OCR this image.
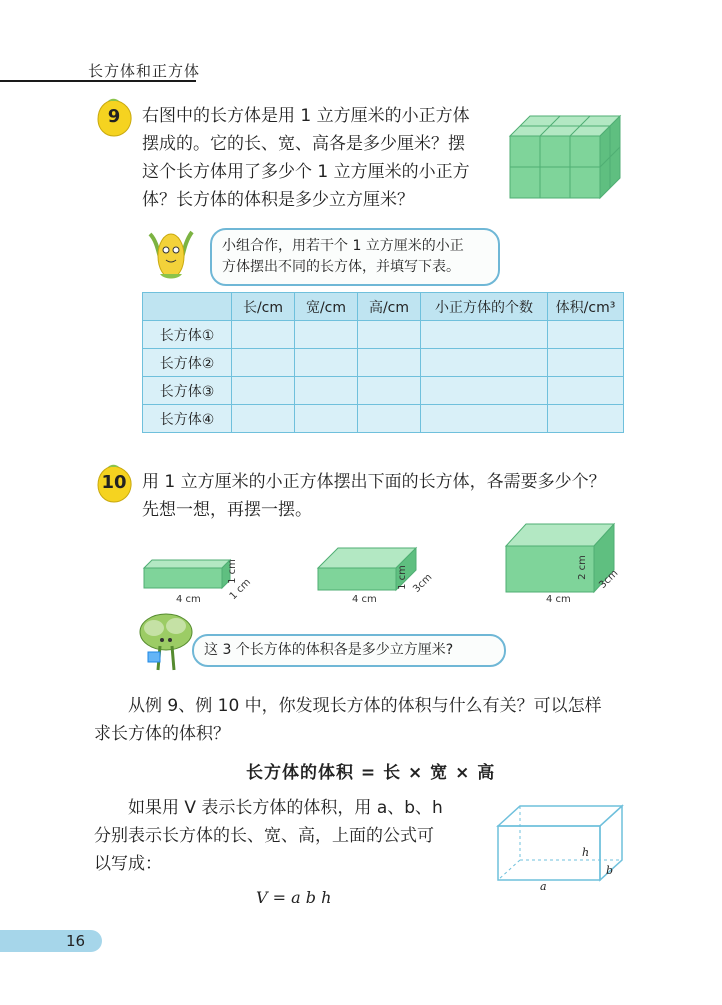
长方体和正方体
9	右图中的长方体是用 1 立方厘米的小正方体
摆成的。它的长、宽、高各是多少厘米？摆
这个长方体用了多少个 1 立方厘米的小正方
体？长方体的体积是多少立方厘米？
小组合作，用若干个 1 立方厘米的小正
方体摆出不同的长方体，并填写下表。
	长/cm	宽/cm	高/cm	小正方体的个数	体积/cm³
长方体①					
长方体②					
长方体③					
长方体④					
10 用 1 立方厘米的小正方体摆出下面的长方体，各需要多少个？
先想一想，再摆一摆。
4 cm
1 cm
1 cm	4 cm
1 cm 3cm
4 cm
2 cm 3cm
这 3 个长方体的体积各是多少立方厘米?
从例 9、例 10 中，你发现长方体的体积与什么有关？可以怎样
求长方体的体积？
长方体的体积 = 长 × 宽 × 高
如果用 V 表示长方体的体积，用 a、b、h
分别表示长方体的长、宽、高，上面的公式可
以写成：
V = a b h
a
b
h
16
